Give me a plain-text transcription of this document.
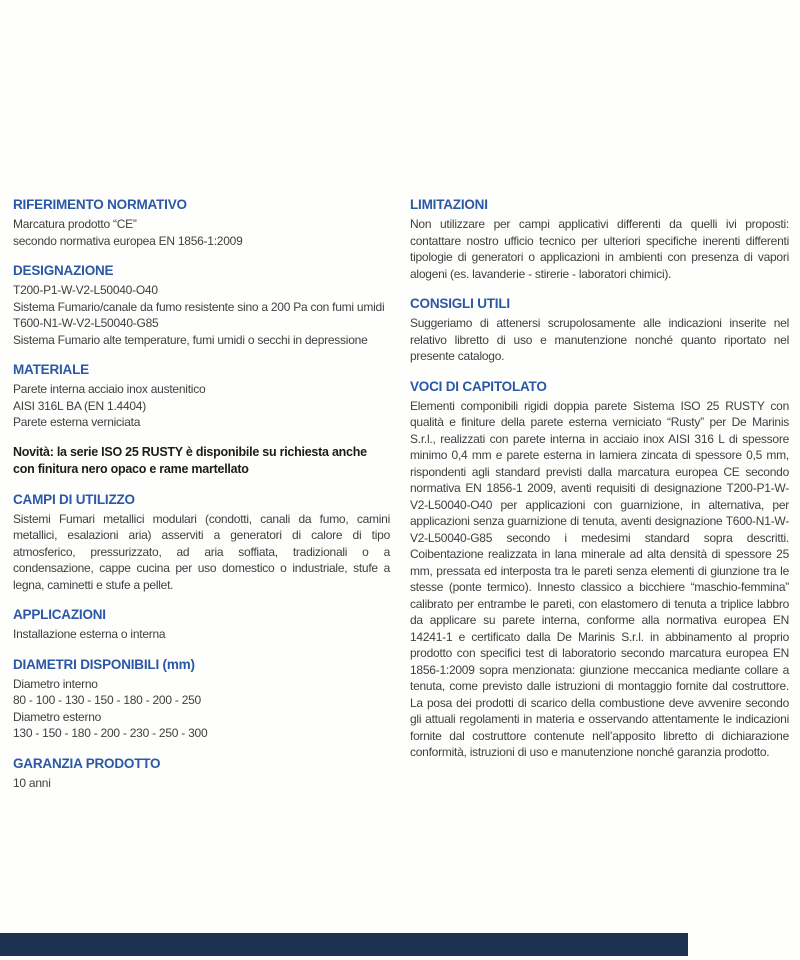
RIFERIMENTO NORMATIVO
Marcatura prodotto “CE”
secondo normativa europea EN 1856-1:2009
DESIGNAZIONE
T200-P1-W-V2-L50040-O40
Sistema Fumario/canale da fumo resistente sino a 200 Pa con fumi umidi
T600-N1-W-V2-L50040-G85
Sistema Fumario alte temperature, fumi umidi o secchi in depressione
MATERIALE
Parete interna acciaio inox austenitico
AISI 316L BA (EN 1.4404)
Parete esterna verniciata

Novità: la serie ISO 25 RUSTY è disponibile su richiesta anche con finitura nero opaco e rame martellato

CAMPI DI UTILIZZO

Sistemi Fumari metallici modulari (condotti, canali da fumo, camini metallici, esalazioni aria) asserviti a generatori di calore di tipo atmosferico, pressurizzato, ad aria soffiata, tradizionali o a condensazione, cappe cucina per uso domestico o industriale, stufe a legna, caminetti e stufe a pellet.

APPLICAZIONI
Installazione esterna o interna
DIAMETRI DISPONIBILI (mm)
Diametro interno
80 - 100 - 130 - 150 - 180 - 200 - 250
Diametro esterno
130 - 150 - 180 - 200 - 230 - 250 - 300
GARANZIA PRODOTTO
10 anni
LIMITAZIONI

Non utilizzare per campi applicativi differenti da quelli ivi proposti: contattare nostro ufficio tecnico per ulteriori specifiche inerenti differenti tipologie di generatori o applicazioni in ambienti con presenza di vapori alogeni (es. lavanderie - stirerie - laboratori chimici).

CONSIGLI UTILI

Suggeriamo di attenersi scrupolosamente alle indicazioni inserite nel relativo libretto di uso e manutenzione nonché quanto riportato nel presente catalogo.

VOCI DI CAPITOLATO

Elementi componibili rigidi doppia parete Sistema ISO 25 RUSTY con qualità e finiture della parete esterna verniciato “Rusty” per De Marinis S.r.l., realizzati con parete interna in acciaio inox AISI 316 L di spessore minimo 0,4 mm e parete esterna in lamiera zincata di spessore 0,5 mm, rispondenti agli standard previsti dalla marcatura europea CE secondo normativa EN 1856-1 2009, aventi requisiti di designazione T200-P1-W-V2-L50040-O40 per applicazioni con guarnizione, in alternativa, per applicazioni senza guarnizione di tenuta, aventi designazione T600-N1-W-V2-L50040-G85 secondo i medesimi standard sopra descritti. Coibentazione realizzata in lana minerale ad alta densità di spessore 25 mm, pressata ed interposta tra le pareti senza elementi di giunzione tra le stesse (ponte termico). Innesto classico a bicchiere “maschio-femmina” calibrato per entrambe le pareti, con elastomero di tenuta a triplice labbro da applicare su parete interna, conforme alla normativa europea EN 14241-1 e certificato dalla De Marinis S.r.l. in abbinamento al proprio prodotto con specifici test di laboratorio secondo marcatura europea EN 1856-1:2009 sopra menzionata: giunzione meccanica mediante collare a tenuta, come previsto dalle istruzioni di montaggio fornite dal costruttore. La posa dei prodotti di scarico della combustione deve avvenire secondo gli attuali regolamenti in materia e osservando attentamente le indicazioni fornite dal costruttore contenute nell’apposito libretto di dichiarazione conformità, istruzioni di uso e manutenzione nonché garanzia prodotto.
